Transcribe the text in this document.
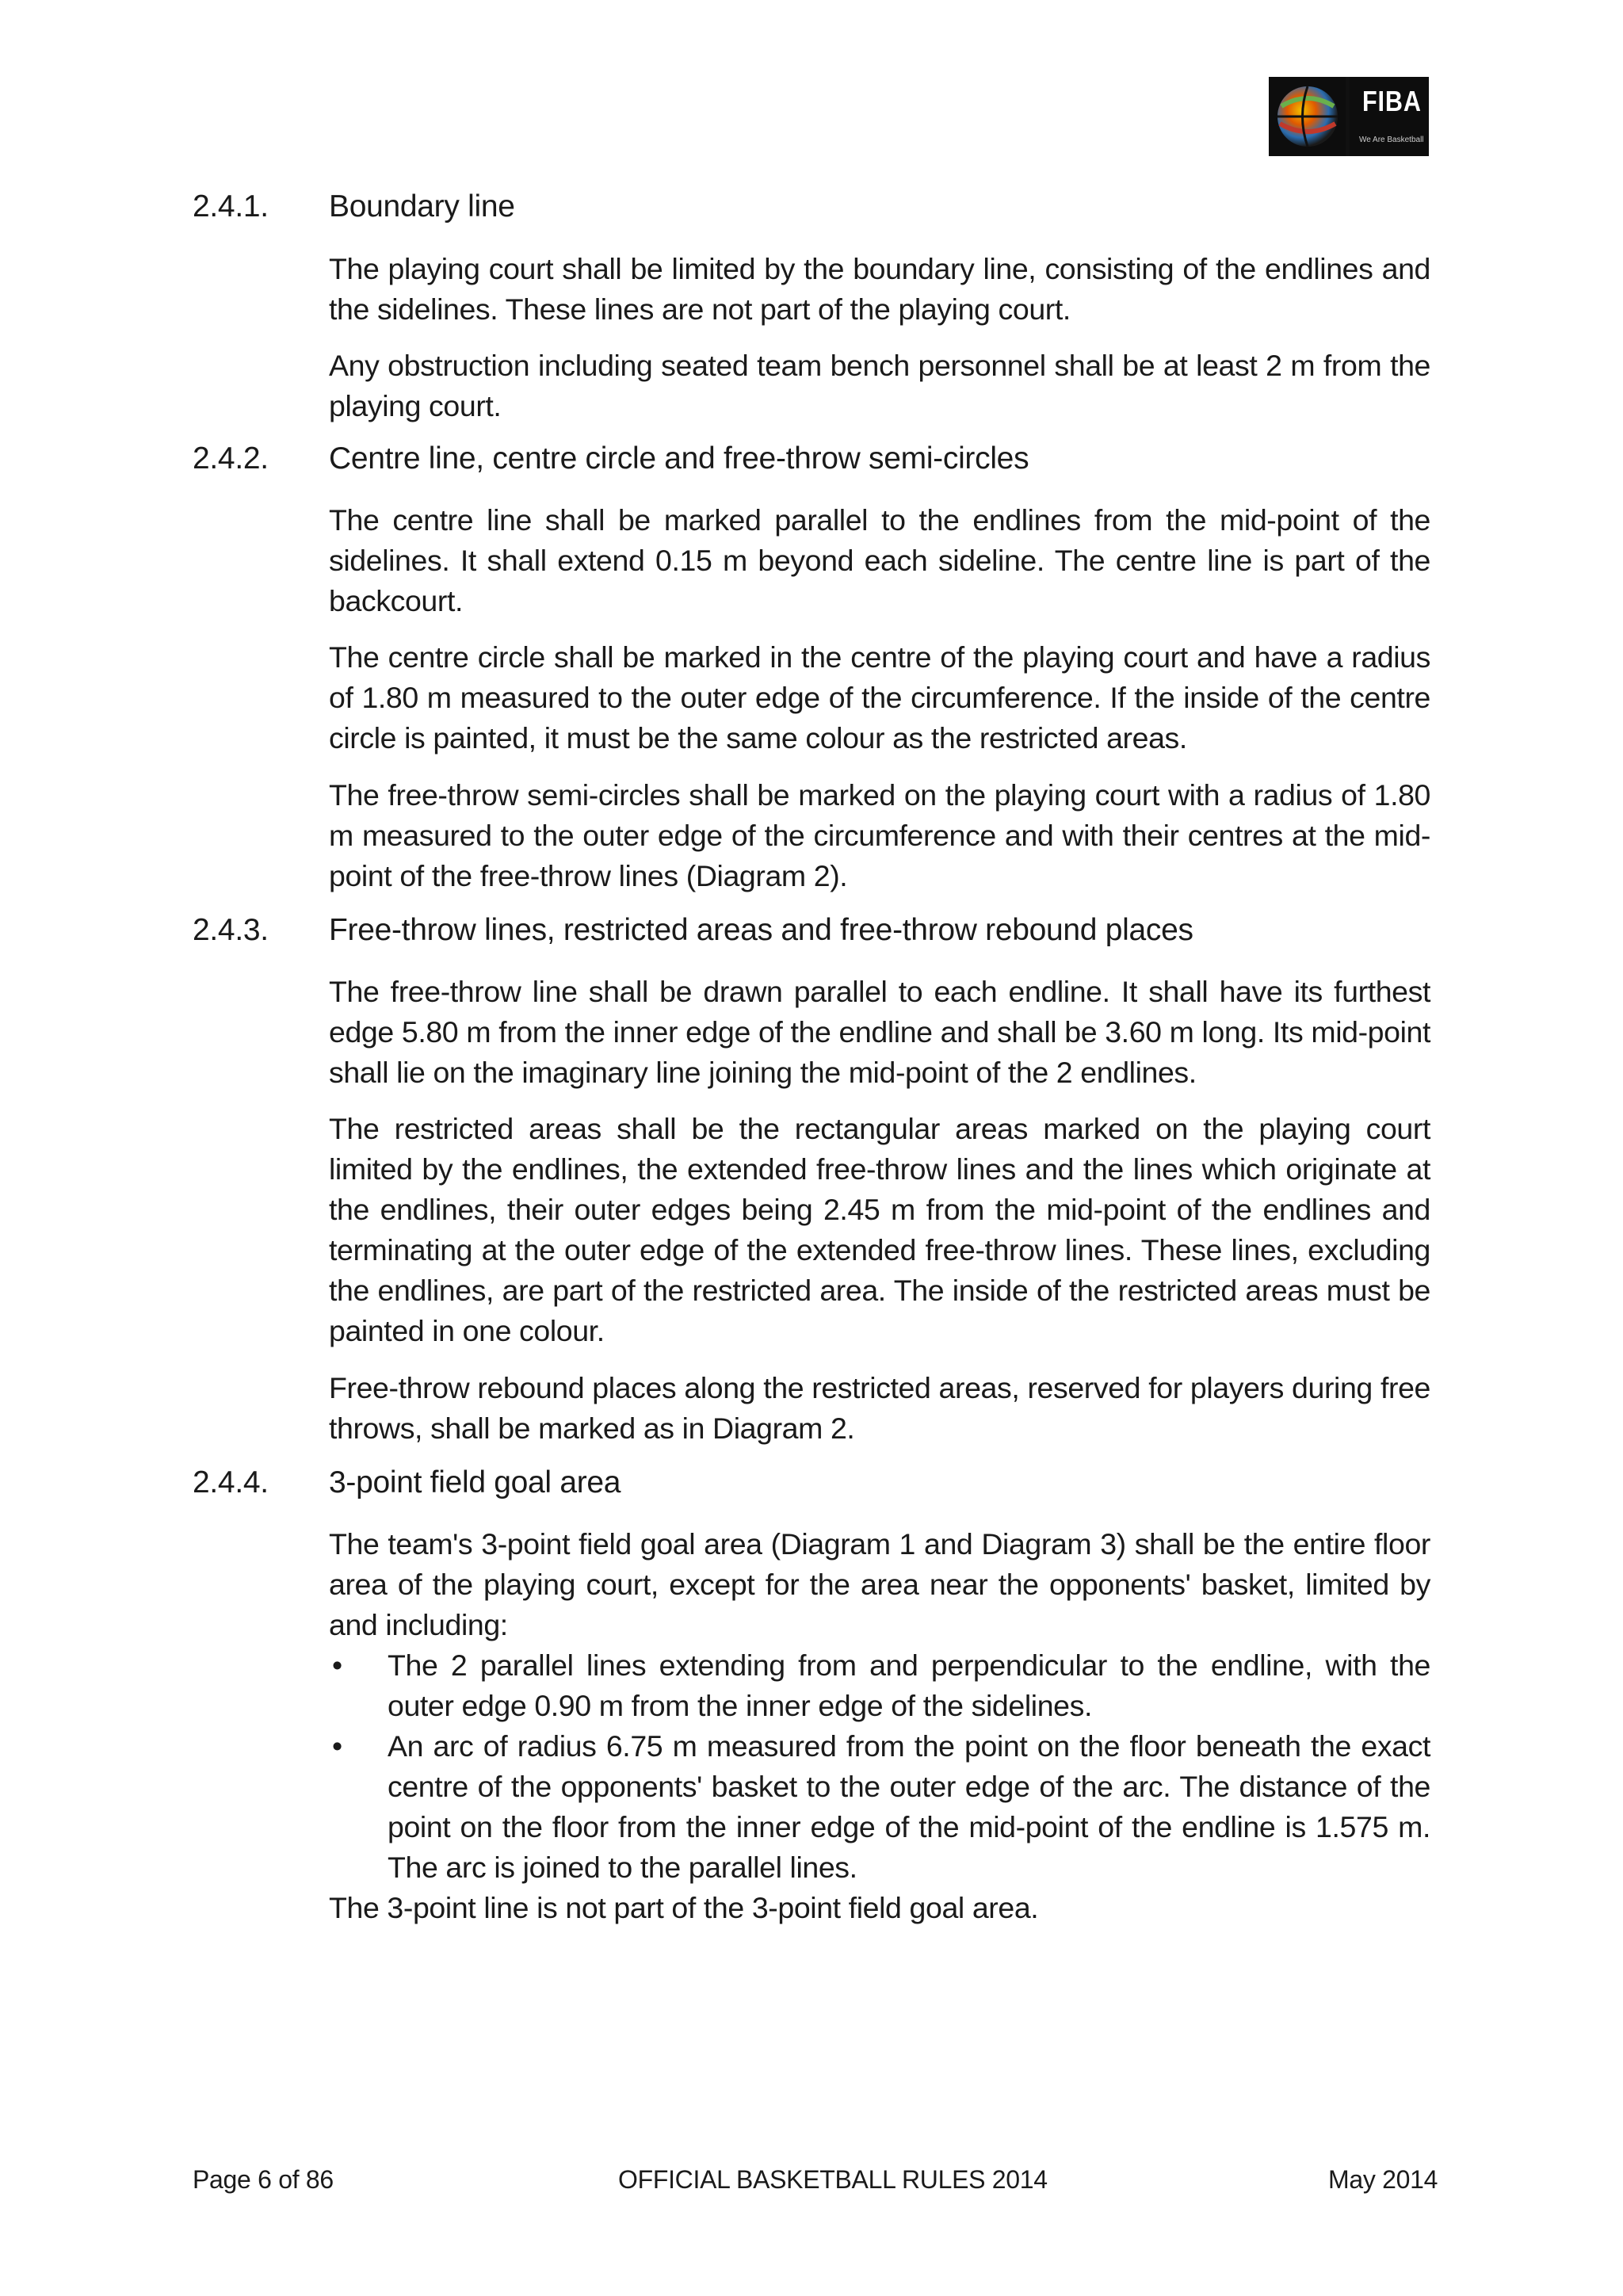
FIBA
We Are Basketball
2.4.1. Boundary line
The playing court shall be limited by the boundary line, consisting of the endlines and the sidelines. These lines are not part of the playing court.
Any obstruction including seated team bench personnel shall be at least 2 m from the playing court.
2.4.2. Centre line, centre circle and free-throw semi-circles
The centre line shall be marked parallel to the endlines from the mid-point of the sidelines. It shall extend 0.15 m beyond each sideline. The centre line is part of the backcourt.
The centre circle shall be marked in the centre of the playing court and have a radius of 1.80 m measured to the outer edge of the circumference. If the inside of the centre circle is painted, it must be the same colour as the restricted areas.
The free-throw semi-circles shall be marked on the playing court with a radius of 1.80 m measured to the outer edge of the circumference and with their centres at the mid-point of the free-throw lines (Diagram 2).
2.4.3. Free-throw lines, restricted areas and free-throw rebound places
The free-throw line shall be drawn parallel to each endline. It shall have its furthest edge 5.80 m from the inner edge of the endline and shall be 3.60 m long. Its mid-point shall lie on the imaginary line joining the mid-point of the 2 endlines.
The restricted areas shall be the rectangular areas marked on the playing court limited by the endlines, the extended free-throw lines and the lines which originate at the endlines, their outer edges being 2.45 m from the mid-point of the endlines and terminating at the outer edge of the extended free-throw lines. These lines, excluding the endlines, are part of the restricted area. The inside of the restricted areas must be painted in one colour.
Free-throw rebound places along the restricted areas, reserved for players during free throws, shall be marked as in Diagram 2.
2.4.4. 3-point field goal area
The team's 3-point field goal area (Diagram 1 and Diagram 3) shall be the entire floor area of the playing court, except for the area near the opponents' basket, limited by and including:
•	The 2 parallel lines extending from and perpendicular to the endline, with the outer edge 0.90 m from the inner edge of the sidelines.
•	An arc of radius 6.75 m measured from the point on the floor beneath the exact centre of the opponents' basket to the outer edge of the arc. The distance of the point on the floor from the inner edge of the mid-point of the endline is 1.575 m. The arc is joined to the parallel lines.
The 3-point line is not part of the 3-point field goal area.
Page 6 of 86	OFFICIAL BASKETBALL RULES 2014	May 2014
